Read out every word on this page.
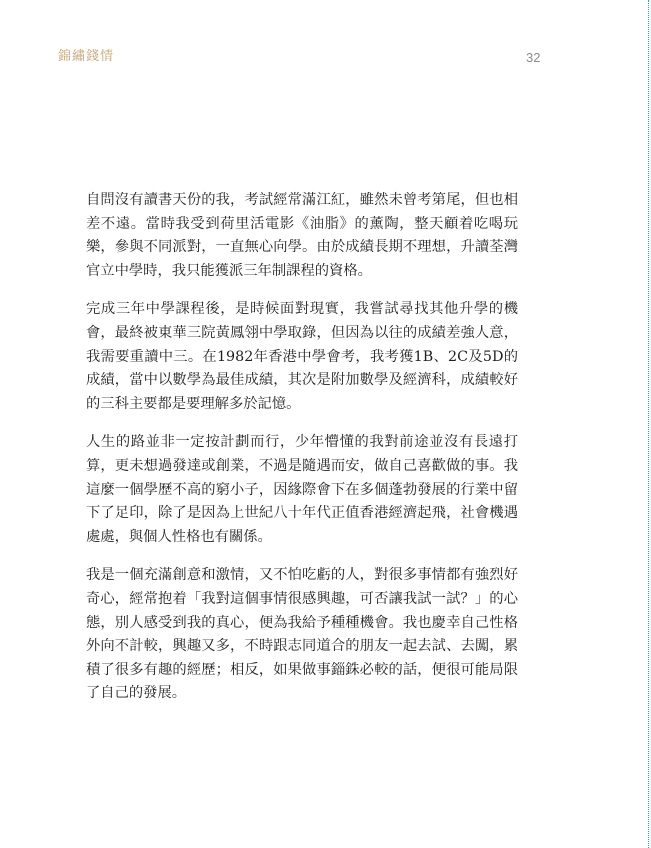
錦繡錢情	32

自問沒有讀書天份的我，考試經常滿江紅，雖然未曾考第尾，但也相差不遠。當時我受到荷里活電影《油脂》的薰陶，整天顧着吃喝玩樂，參與不同派對，一直無心向學。由於成績長期不理想，升讀荃灣官立中學時，我只能獲派三年制課程的資格。

完成三年中學課程後，是時候面對現實，我嘗試尋找其他升學的機會，最終被東華三院黃鳳翎中學取錄，但因為以往的成績差強人意，我需要重讀中三。在1982年香港中學會考，我考獲1B、2C及5D的成績，當中以數學為最佳成績，其次是附加數學及經濟科，成績較好的三科主要都是要理解多於記憶。

人生的路並非一定按計劃而行，少年懵懂的我對前途並沒有長遠打算，更未想過發達或創業，不過是隨遇而安，做自己喜歡做的事。我這麼一個學歷不高的窮小子，因緣際會下在多個蓬勃發展的行業中留下了足印，除了是因為上世紀八十年代正值香港經濟起飛，社會機遇處處，與個人性格也有關係。

我是一個充滿創意和激情，又不怕吃虧的人，對很多事情都有強烈好奇心，經常抱着「我對這個事情很感興趣，可否讓我試一試？」的心態，別人感受到我的真心，便為我給予種種機會。我也慶幸自己性格外向不計較，興趣又多，不時跟志同道合的朋友一起去試、去闖，累積了很多有趣的經歷；相反，如果做事錙銖必較的話，便很可能局限了自己的發展。
